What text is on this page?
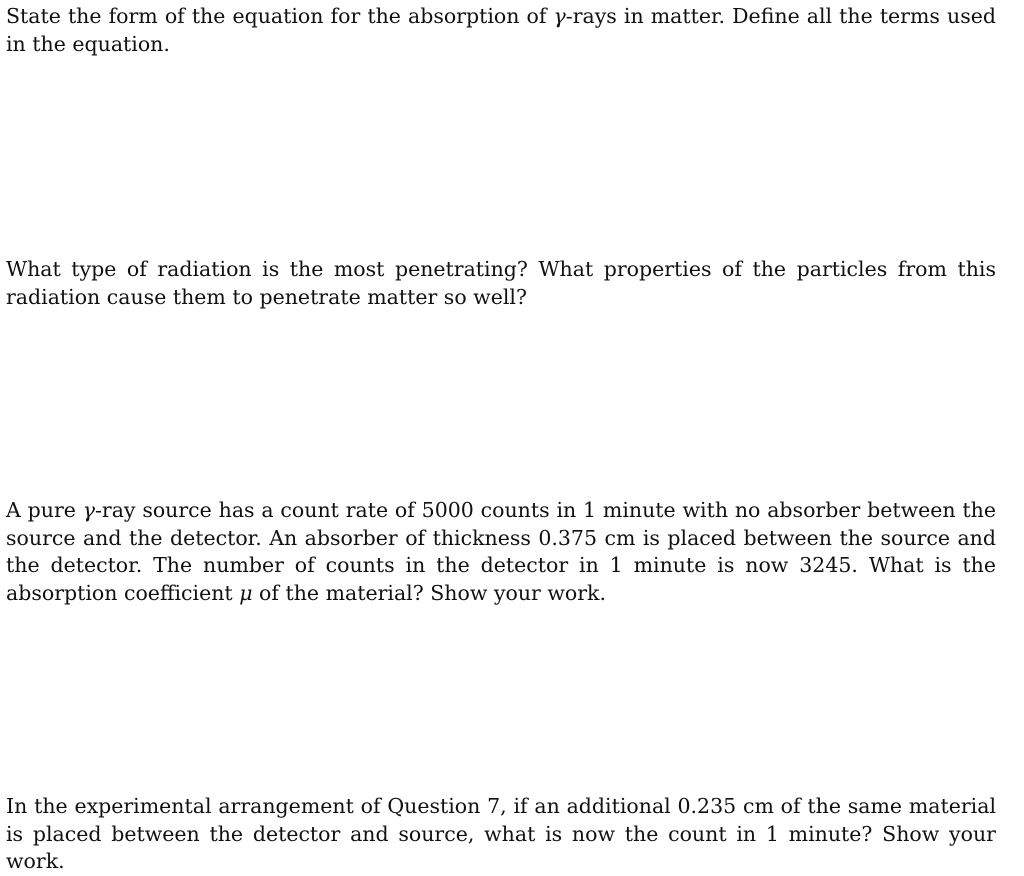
State the form of the equation for the absorption of γ-rays in matter. Define all the terms used in the equation.

What type of radiation is the most penetrating? What properties of the particles from this radiation cause them to penetrate matter so well?

A pure γ-ray source has a count rate of 5000 counts in 1 minute with no absorber between the source and the detector. An absorber of thickness 0.375 cm is placed between the source and the detector. The number of counts in the detector in 1 minute is now 3245. What is the absorption coefficient μ of the material? Show your work.

In the experimental arrangement of Question 7, if an additional 0.235 cm of the same material is placed between the detector and source, what is now the count in 1 minute? Show your work.
